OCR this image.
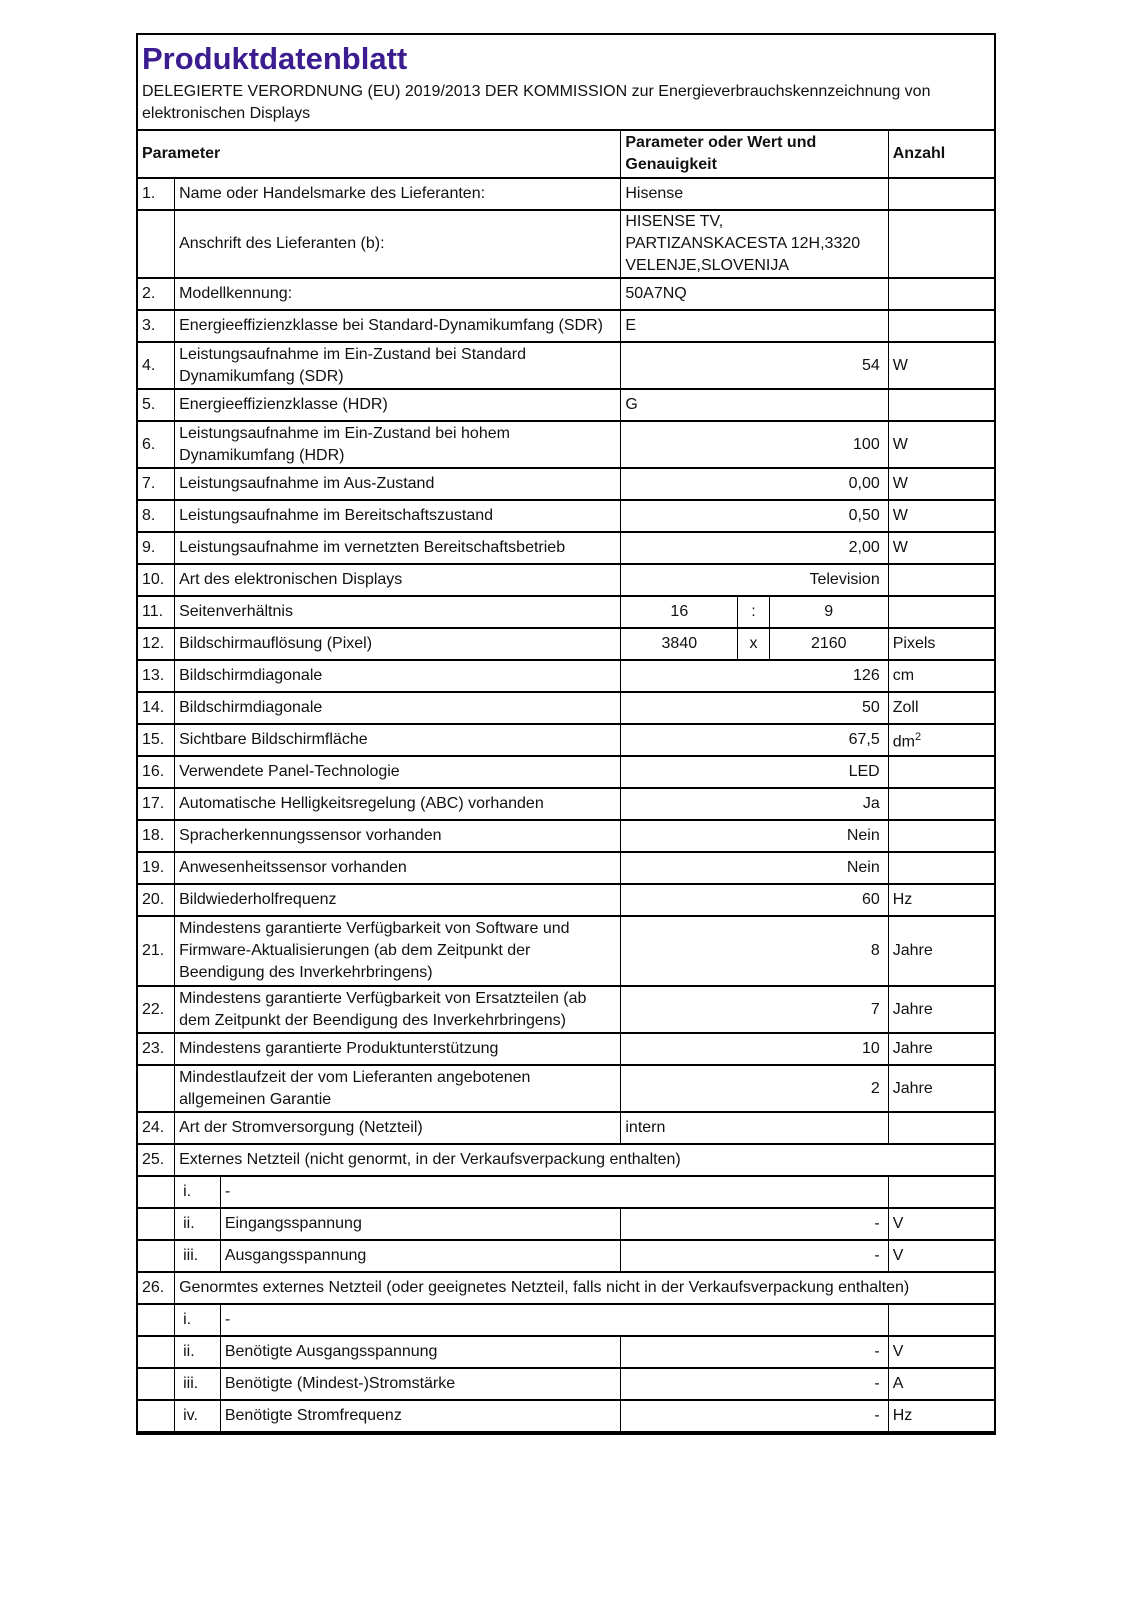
Produktdatenblatt
DELEGIERTE VERORDNUNG (EU) 2019/2013 DER KOMMISSION zur Energieverbrauchskennzeichnung von elektronischen Displays
Parameter			Parameter oder Wert und Genauigkeit			Anzahl
1.	Name oder Handelsmarke des Lieferanten:		Hisense			
	Anschrift des Lieferanten (b):		HISENSE TV, PARTIZANSKACESTA 12H,3320 VELENJE,SLOVENIJA			
2.	Modellkennung:		50A7NQ			
3.	Energieeffizienzklasse bei Standard-Dynamikumfang (SDR)		E			
4.	Leistungsaufnahme im Ein-Zustand bei Standard Dynamikumfang (SDR)		54			W
5.	Energieeffizienzklasse (HDR)		G			
6.	Leistungsaufnahme im Ein-Zustand bei hohem Dynamikumfang (HDR)		100			W
7.	Leistungsaufnahme im Aus-Zustand		0,00			W
8.	Leistungsaufnahme im Bereitschaftszustand		0,50			W
9.	Leistungsaufnahme im vernetzten Bereitschaftsbetrieb		2,00			W
10.	Art des elektronischen Displays		Television			
11.	Seitenverhältnis		16	:	9	
12.	Bildschirmauflösung (Pixel)		3840	x	2160	Pixels
13.	Bildschirmdiagonale		126			cm
14.	Bildschirmdiagonale		50			Zoll
15.	Sichtbare Bildschirmfläche		67,5			$dm^2$
16.	Verwendete Panel-Technologie		LED			
17.	Automatische Helligkeitsregelung (ABC) vorhanden		Ja			
18.	Spracherkennungssensor vorhanden		Nein			
19.	Anwesenheitssensor vorhanden		Nein			
20.	Bildwiederholfrequenz		60			Hz
21.	Mindestens garantierte Verfügbarkeit von Software und Firmware-Aktualisierungen (ab dem Zeitpunkt der Beendigung des Inverkehrbringens)		8			Jahre
22.	Mindestens garantierte Verfügbarkeit von Ersatzteilen (ab dem Zeitpunkt der Beendigung des Inverkehrbringens)		7			Jahre
23.	Mindestens garantierte Produktunterstützung		10			Jahre
	Mindestlaufzeit der vom Lieferanten angebotenen allgemeinen Garantie		2			Jahre
24.	Art der Stromversorgung (Netzteil)		intern			
25.	Externes Netzteil (nicht genormt, in der Verkaufsverpackung enthalten)					
	i.	-				
	ii.	Eingangsspannung	-			V
	iii.	Ausgangsspannung	-			V
26.	Genormtes externes Netzteil (oder geeignetes Netzteil, falls nicht in der Verkaufsverpackung enthalten)					
	i.	-				
	ii.	Benötigte Ausgangsspannung	-			V
	iii.	Benötigte (Mindest-)Stromstärke	-			A
	iv.	Benötigte Stromfrequenz	-			Hz
